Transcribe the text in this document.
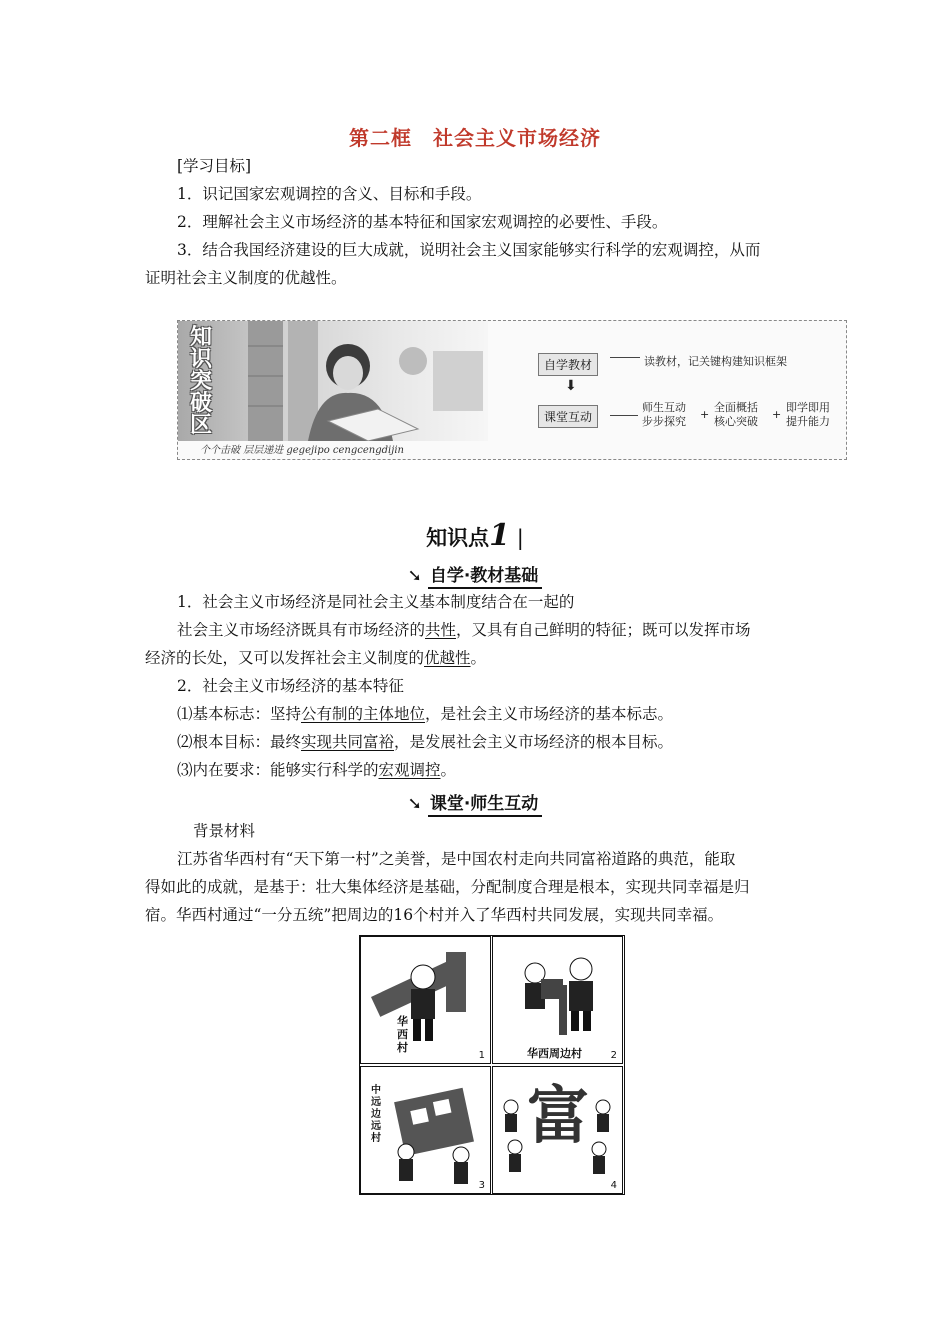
第二框　社会主义市场经济
[学习目标]
1．识记国家宏观调控的含义、目标和手段。
2．理解社会主义市场经济的基本特征和国家宏观调控的必要性、手段。
3．结合我国经济建设的巨大成就，说明社会主义国家能够实行科学的宏观调控，从而
证明社会主义制度的优越性。
知
识
突
破
区
个个击破 层层递进 gegejipo cengcengdijin
自学教材	读教材，记关键构建知识框架
⬇
课堂互动
师生互动
步步探究
+
全面概括
核心突破
+
即学即用
提升能力
知识点1 |
➘ 自学·教材基础
1．社会主义市场经济是同社会主义基本制度结合在一起的
社会主义市场经济既具有市场经济的共性，又具有自己鲜明的特征；既可以发挥市场
经济的长处，又可以发挥社会主义制度的优越性。
2．社会主义市场经济的基本特征
⑴基本标志：坚持公有制的主体地位，是社会主义市场经济的基本标志。
⑵根本目标：最终实现共同富裕，是发展社会主义市场经济的根本目标。
⑶内在要求：能够实行科学的宏观调控。
➘ 课堂·师生互动
背景材料
江苏省华西村有“天下第一村”之美誉，是中国农村走向共同富裕道路的典范，能取
得如此的成就，是基于：壮大集体经济是基础，分配制度合理是根本，实现共同幸福是归
宿。华西村通过“一分五统”把周边的16个村并入了华西村共同发展，实现共同幸福。
华西村
1	华西周边村	2
中远边远村
3
富
4
